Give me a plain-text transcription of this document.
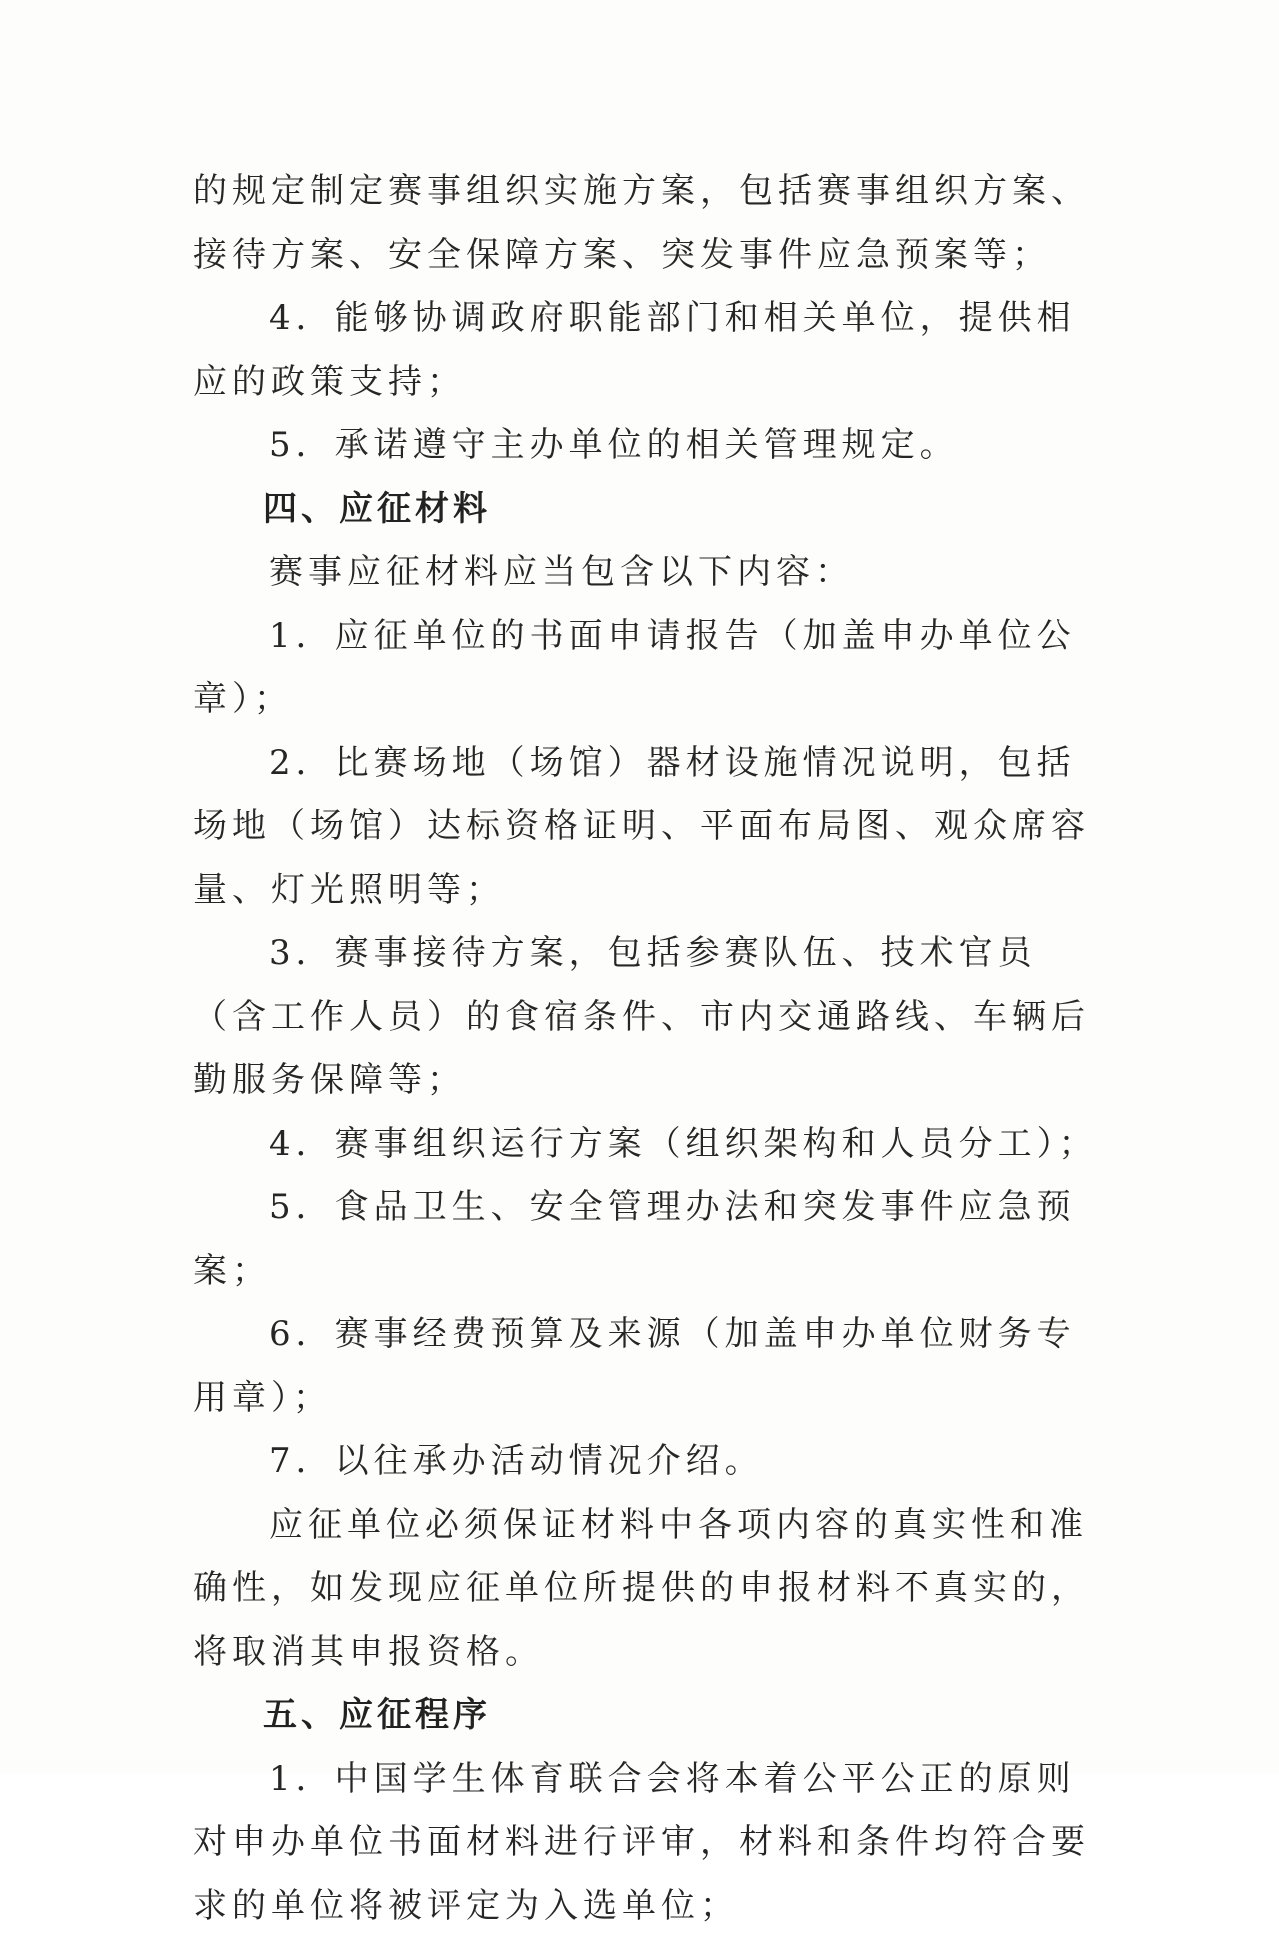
的规定制定赛事组织实施方案，包括赛事组织方案、接待方案、安全保障方案、突发事件应急预案等；

4．能够协调政府职能部门和相关单位，提供相应的政策支持；

5．承诺遵守主办单位的相关管理规定。

四、应征材料

赛事应征材料应当包含以下内容：

1．应征单位的书面申请报告（加盖申办单位公章）；

2．比赛场地（场馆）器材设施情况说明，包括场地（场馆）达标资格证明、平面布局图、观众席容量、灯光照明等；

3．赛事接待方案，包括参赛队伍、技术官员（含工作人员）的食宿条件、市内交通路线、车辆后勤服务保障等；

4．赛事组织运行方案（组织架构和人员分工）；

5．食品卫生、安全管理办法和突发事件应急预案；

6．赛事经费预算及来源（加盖申办单位财务专用章）；

7．以往承办活动情况介绍。

应征单位必须保证材料中各项内容的真实性和准确性，如发现应征单位所提供的申报材料不真实的，将取消其申报资格。

五、应征程序

1．中国学生体育联合会将本着公平公正的原则对申办单位书面材料进行评审，材料和条件均符合要求的单位将被评定为入选单位；
